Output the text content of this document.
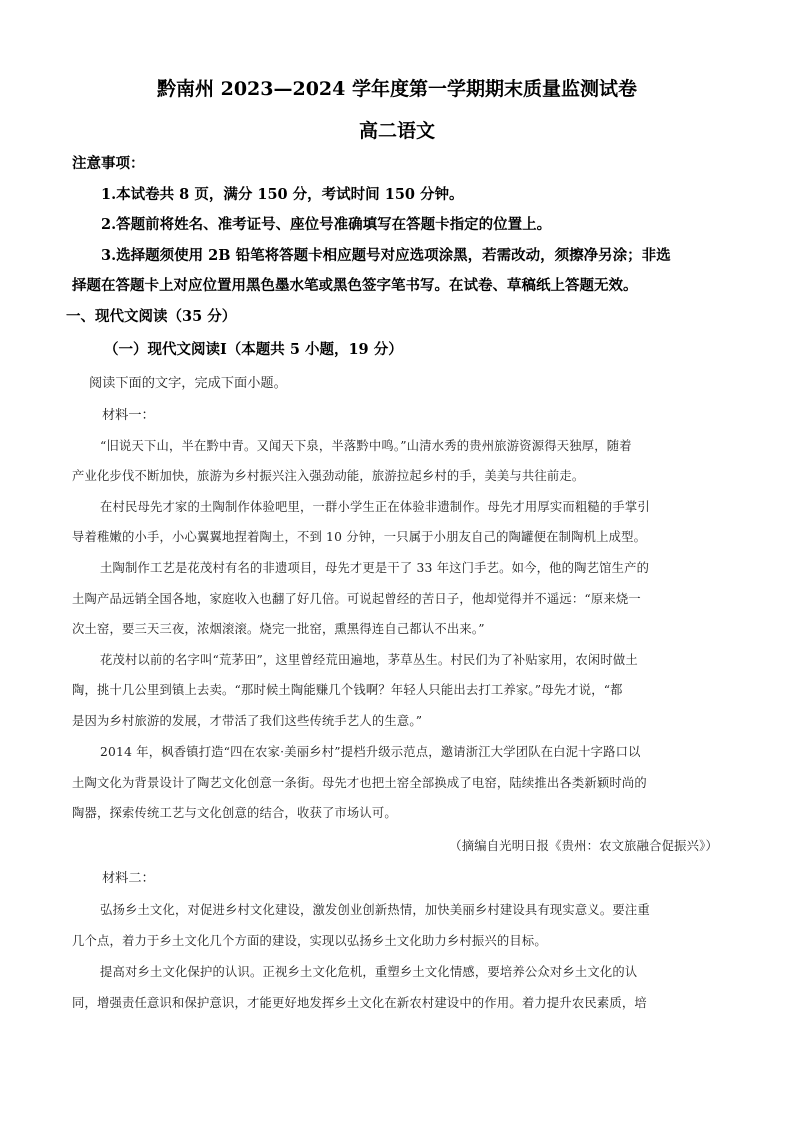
黔南州 2023—2024 学年度第一学期期末质量监测试卷
高二语文
注意事项：
1.本试卷共 8 页，满分 150 分，考试时间 150 分钟。
2.答题前将姓名、准考证号、座位号准确填写在答题卡指定的位置上。
3.选择题须使用 2B 铅笔将答题卡相应题号对应选项涂黑，若需改动，须擦净另涂；非选
择题在答题卡上对应位置用黑色墨水笔或黑色签字笔书写。在试卷、草稿纸上答题无效。
一、现代文阅读（35 分）
（一）现代文阅读Ⅰ（本题共 5 小题，19 分）
阅读下面的文字，完成下面小题。
材料一：
“旧说天下山，半在黔中青。又闻天下泉，半落黔中鸣。”山清水秀的贵州旅游资源得天独厚，随着
产业化步伐不断加快，旅游为乡村振兴注入强劲动能，旅游拉起乡村的手，美美与共往前走。
在村民母先才家的土陶制作体验吧里，一群小学生正在体验非遗制作。母先才用厚实而粗糙的手掌引
导着稚嫩的小手，小心翼翼地捏着陶土，不到 10 分钟，一只属于小朋友自己的陶罐便在制陶机上成型。
土陶制作工艺是花茂村有名的非遗项目，母先才更是干了 33 年这门手艺。如今，他的陶艺馆生产的
土陶产品远销全国各地，家庭收入也翻了好几倍。可说起曾经的苦日子，他却觉得并不遥远：“原来烧一
次土窑，要三天三夜，浓烟滚滚。烧完一批窑，熏黑得连自己都认不出来。”
花茂村以前的名字叫“荒茅田”，这里曾经荒田遍地，茅草丛生。村民们为了补贴家用，农闲时做土
陶，挑十几公里到镇上去卖。“那时候土陶能赚几个钱啊？年轻人只能出去打工养家。”母先才说，“都
是因为乡村旅游的发展，才带活了我们这些传统手艺人的生意。”
2014 年，枫香镇打造“四在农家·美丽乡村”提档升级示范点，邀请浙江大学团队在白泥十字路口以
土陶文化为背景设计了陶艺文化创意一条街。母先才也把土窑全部换成了电窑，陆续推出各类新颖时尚的
陶器，探索传统工艺与文化创意的结合，收获了市场认可。
（摘编自光明日报《贵州：农文旅融合促振兴》）
材料二：
弘扬乡土文化，对促进乡村文化建设，激发创业创新热情，加快美丽乡村建设具有现实意义。要注重
几个点，着力于乡土文化几个方面的建设，实现以弘扬乡土文化助力乡村振兴的目标。
提高对乡土文化保护的认识。正视乡土文化危机，重塑乡土文化情感，要培养公众对乡土文化的认
同，增强责任意识和保护意识，才能更好地发挥乡土文化在新农村建设中的作用。着力提升农民素质，培
